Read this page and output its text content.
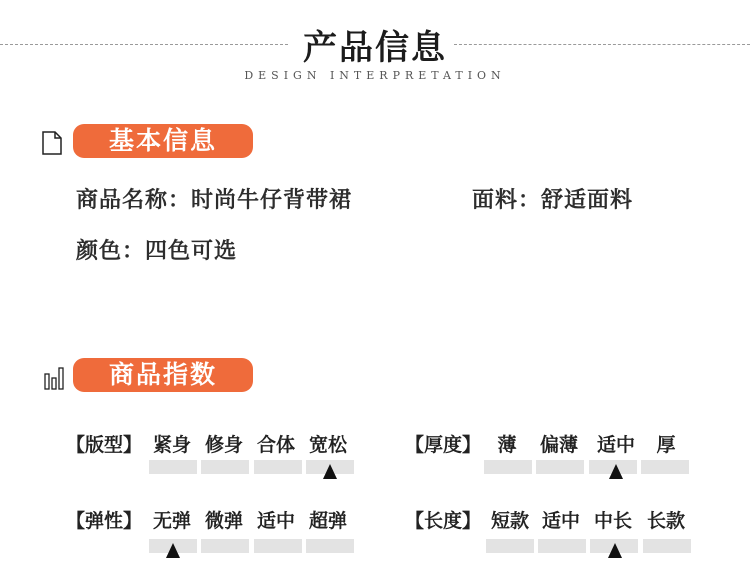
产品信息
DESIGN INTERPRETATION
基本信息
商品名称：时尚牛仔背带裙	面料：舒适面料
颜色：四色可选
商品指数
【版型】 紧身 修身 合体 宽松	【厚度】 薄	偏薄 适中	厚
【弹性】 无弹 微弹 适中 超弹	【长度】 短款 适中 中长 长款
